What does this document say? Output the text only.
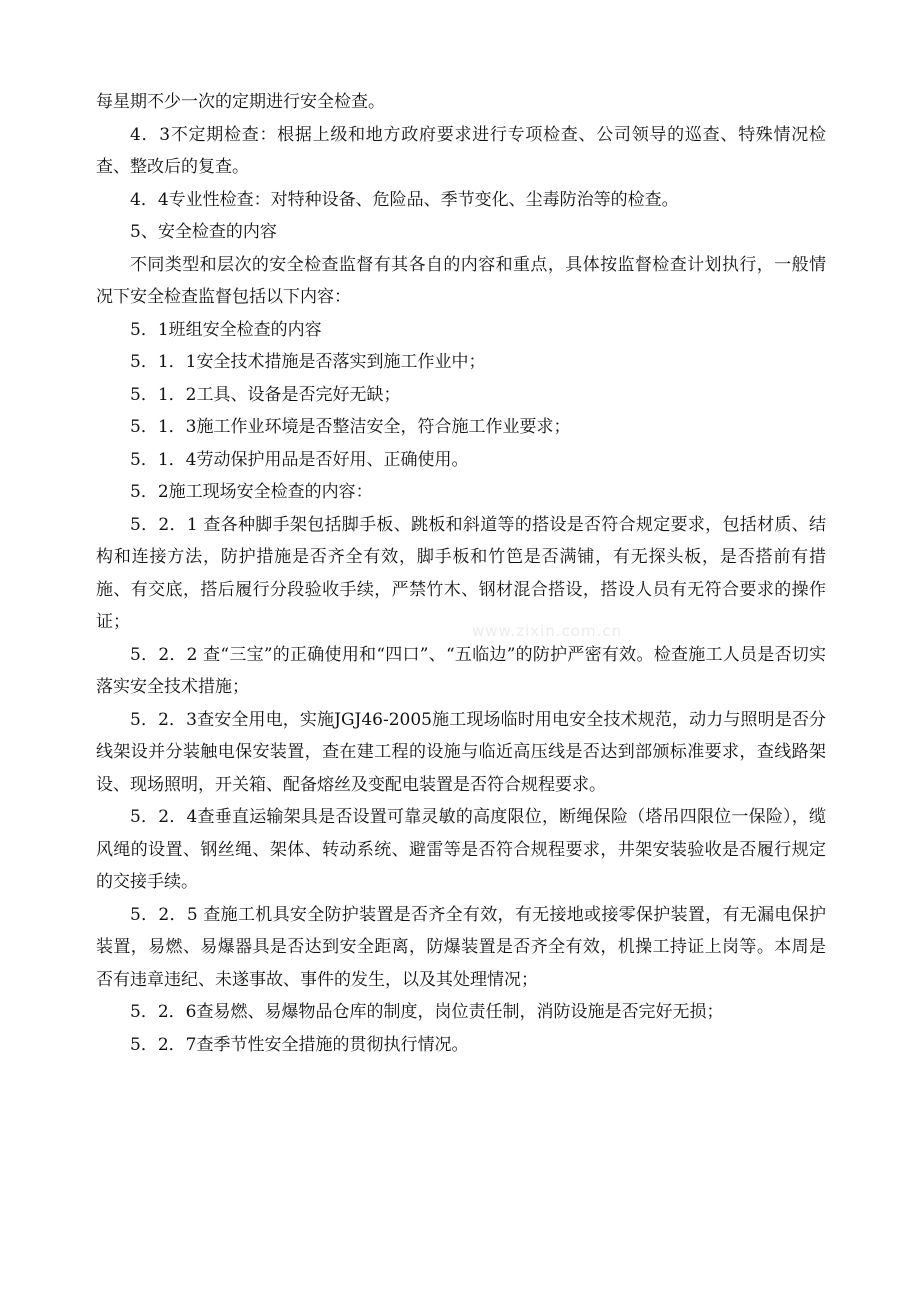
每星期不少一次的定期进行安全检查。

4．3不定期检查：根据上级和地方政府要求进行专项检查、公司领导的巡查、特殊情况检查、整改后的复查。

4．4专业性检查：对特种设备、危险品、季节变化、尘毒防治等的检查。

5、安全检查的内容

不同类型和层次的安全检查监督有其各自的内容和重点，具体按监督检查计划执行，一般情况下安全检查监督包括以下内容：

5．1班组安全检查的内容

5．1．1安全技术措施是否落实到施工作业中；

5．1．2工具、设备是否完好无缺；

5．1．3施工作业环境是否整洁安全，符合施工作业要求；

5．1．4劳动保护用品是否好用、正确使用。

5．2施工现场安全检查的内容：

5．2．1 查各种脚手架包括脚手板、跳板和斜道等的搭设是否符合规定要求，包括材质、结构和连接方法，防护措施是否齐全有效，脚手板和竹笆是否满铺，有无探头板，是否搭前有措施、有交底，搭后履行分段验收手续，严禁竹木、钢材混合搭设，搭设人员有无符合要求的操作证；

5．2．2 查“三宝”的正确使用和“四口”、“五临边”的防护严密有效。检查施工人员是否切实落实安全技术措施；

5．2．3查安全用电，实施JGJ46-2005施工现场临时用电安全技术规范，动力与照明是否分线架设并分装触电保安装置，查在建工程的设施与临近高压线是否达到部颁标准要求，查线路架设、现场照明，开关箱、配备熔丝及变配电装置是否符合规程要求。

5．2．4查垂直运输架具是否设置可靠灵敏的高度限位，断绳保险（塔吊四限位一保险），缆风绳的设置、钢丝绳、架体、转动系统、避雷等是否符合规程要求，井架安装验收是否履行规定的交接手续。

5．2．5 查施工机具安全防护装置是否齐全有效，有无接地或接零保护装置，有无漏电保护装置，易燃、易爆器具是否达到安全距离，防爆装置是否齐全有效，机操工持证上岗等。本周是否有违章违纪、未遂事故、事件的发生，以及其处理情况；

5．2．6查易燃、易爆物品仓库的制度，岗位责任制，消防设施是否完好无损；

5．2．7查季节性安全措施的贯彻执行情况。

www.zixin.com.cn
